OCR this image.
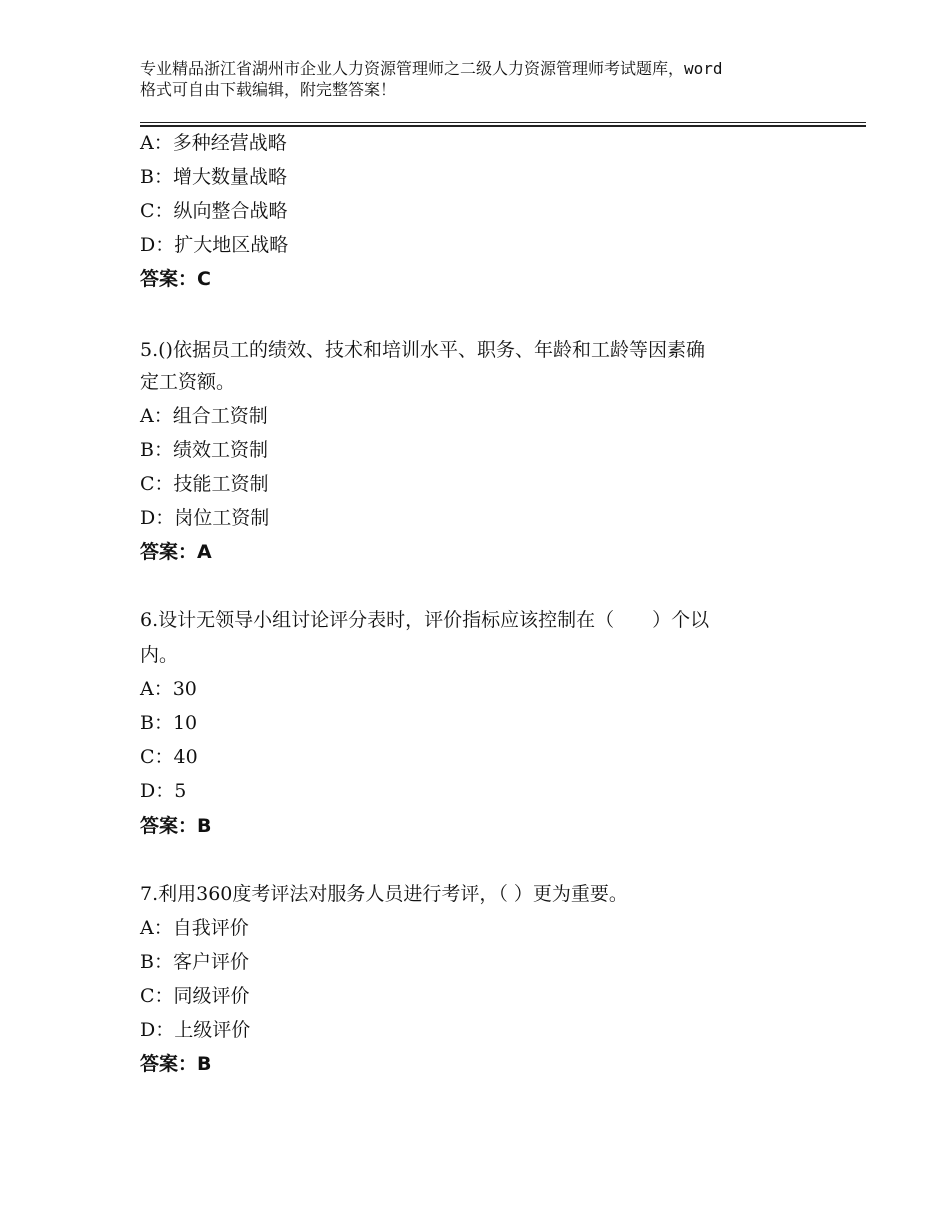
专业精品浙江省湖州市企业人力资源管理师之二级人力资源管理师考试题库，word
格式可自由下载编辑，附完整答案！
A：多种经营战略
B：增大数量战略
C：纵向整合战略
D：扩大地区战略
答案：C
5.()依据员工的绩效、技术和培训水平、职务、年龄和工龄等因素确
定工资额。
A：组合工资制
B：绩效工资制
C：技能工资制
D：岗位工资制
答案：A
6.设计无领导小组讨论评分表时，评价指标应该控制在（　　）个以
内。
A：30
B：10
C：40
D：5
答案：B
7.利用360度考评法对服务人员进行考评，（ ）更为重要。
A：自我评价
B：客户评价
C：同级评价
D：上级评价
答案：B
